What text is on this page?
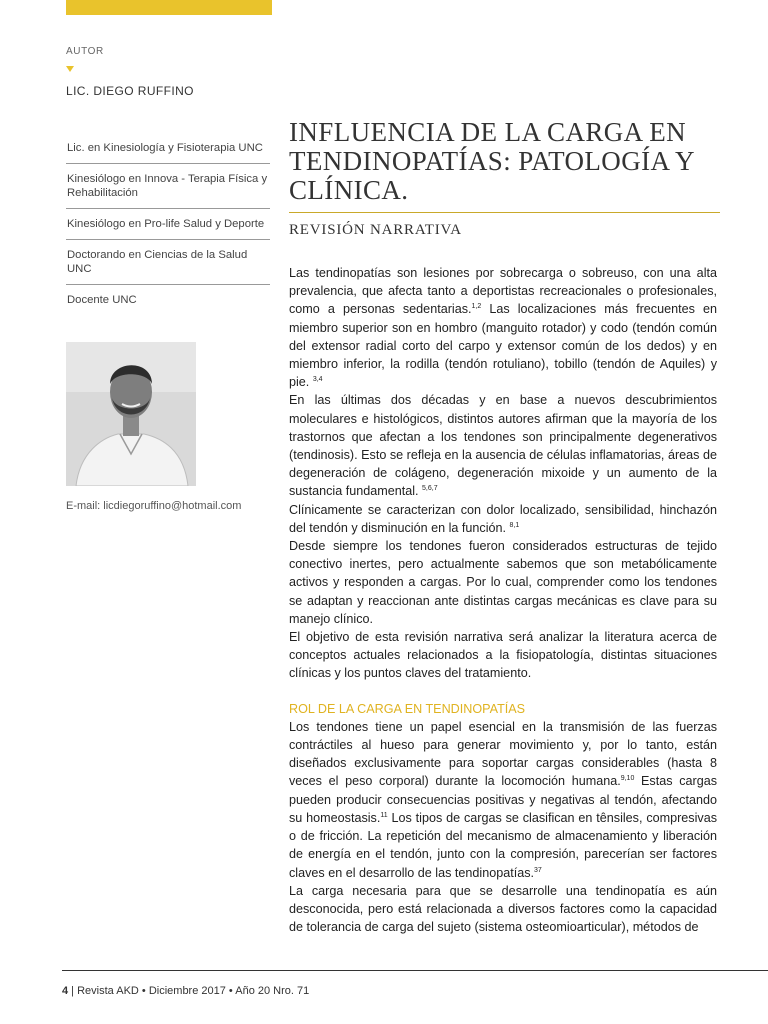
AUTOR
LIC. DIEGO RUFFINO
Lic. en Kinesiología y Fisioterapia UNC
Kinesiólogo en Innova - Terapia Física y Rehabilitación
Kinesiólogo en Pro-life Salud y Deporte
Doctorando en Ciencias de la Salud UNC
Docente UNC
E-mail: licdiegoruffino@hotmail.com
INFLUENCIA DE LA CARGA EN TENDINOPATÍAS: PATOLOGÍA Y CLÍNICA.
REVISIÓN NARRATIVA

Las tendinopatías son lesiones por sobrecarga o sobreuso, con una alta prevalencia, que afecta tanto a deportistas recreacionales o profesionales, como a personas sedentarias.$^{1,2}$ Las localizaciones más frecuentes en miembro superior son en hombro (manguito rotador) y codo (tendón común del extensor radial corto del carpo y extensor común de los dedos) y en miembro inferior, la rodilla (tendón rotuliano), tobillo (tendón de Aquiles) y pie. $^{3,4}$

En las últimas dos décadas y en base a nuevos descubrimientos moleculares e histológicos, distintos autores afirman que la mayoría de los trastornos que afectan a los tendones son principalmente degenerativos (tendinosis). Esto se refleja en la ausencia de células inflamatorias, áreas de degeneración de colágeno, degeneración mixoide y un aumento de la sustancia fundamental. $^{5,6,7}$

Clínicamente se caracterizan con dolor localizado, sensibilidad, hinchazón del tendón y disminución en la función. $^{8,1}$

Desde siempre los tendones fueron considerados estructuras de tejido conectivo inertes, pero actualmente sabemos que son metabólicamente activos y responden a cargas. Por lo cual, comprender como los tendones se adaptan y reaccionan ante distintas cargas mecánicas es clave para su manejo clínico.

El objetivo de esta revisión narrativa será analizar la literatura acerca de conceptos actuales relacionados a la fisiopatología, distintas situaciones clínicas y los puntos claves del tratamiento.

ROL DE LA CARGA EN TENDINOPATÍAS

Los tendones tiene un papel esencial en la transmisión de las fuerzas contráctiles al hueso para generar movimiento y, por lo tanto, están diseñados exclusivamente para soportar cargas considerables (hasta 8 veces el peso corporal) durante la locomoción humana.$^{9,10}$ Estas cargas pueden producir consecuencias positivas y negativas al tendón, afectando su homeostasis.$^{11}$ Los tipos de cargas se clasifican en tênsiles, compresivas o de fricción. La repetición del mecanismo de almacenamiento y liberación de energía en el tendón, junto con la compresión, parecerían ser factores claves en el desarrollo de las tendinopatías.$^{37}$

La carga necesaria para que se desarrolle una tendinopatía es aún desconocida, pero está relacionada a diversos factores como la capacidad de tolerancia de carga del sujeto (sistema osteomioarticular), métodos de

4 | Revista AKD • Diciembre 2017 • Año 20 Nro. 71
